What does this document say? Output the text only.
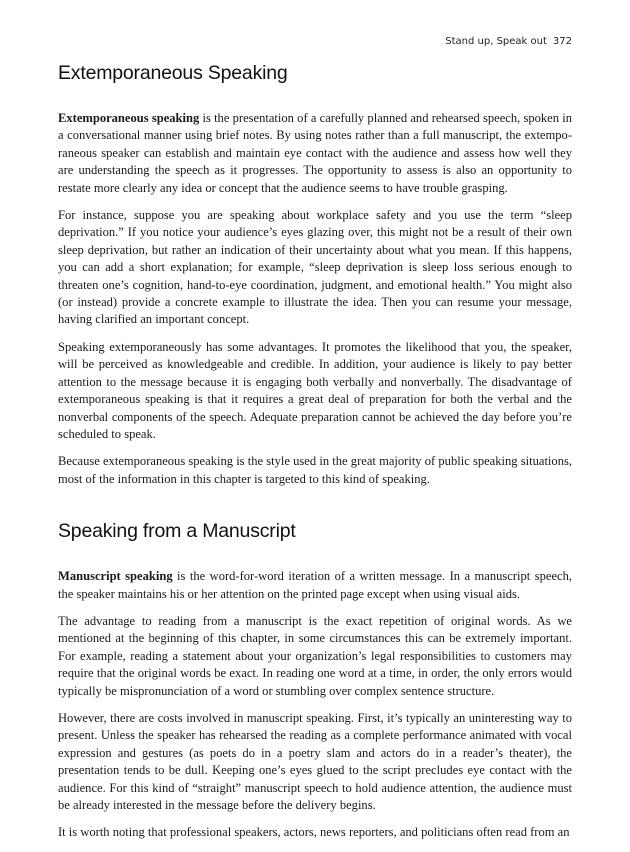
Stand up, Speak out 372
Extemporaneous Speaking

Extemporaneous speaking is the presentation of a carefully planned and rehearsed speech, spoken in a conversational manner using brief notes. By using notes rather than a full manuscript, the extemporaneous speaker can establish and maintain eye contact with the audience and assess how well they are understanding the speech as it progresses. The opportunity to assess is also an opportunity to restate more clearly any idea or concept that the audience seems to have trouble grasping.

For instance, suppose you are speaking about workplace safety and you use the term “sleep deprivation.” If you notice your audience’s eyes glazing over, this might not be a result of their own sleep deprivation, but rather an indication of their uncertainty about what you mean. If this happens, you can add a short explanation; for example, “sleep deprivation is sleep loss serious enough to threaten one’s cognition, hand-to-eye coordination, judgment, and emotional health.” You might also (or instead) provide a concrete example to illustrate the idea. Then you can resume your message, having clarified an important concept.

Speaking extemporaneously has some advantages. It promotes the likelihood that you, the speaker, will be perceived as knowledgeable and credible. In addition, your audience is likely to pay better attention to the message because it is engaging both verbally and nonverbally. The disadvantage of extemporaneous speaking is that it requires a great deal of preparation for both the verbal and the nonverbal components of the speech. Adequate preparation cannot be achieved the day before you’re scheduled to speak.

Because extemporaneous speaking is the style used in the great majority of public speaking situations, most of the information in this chapter is targeted to this kind of speaking.

Speaking from a Manuscript

Manuscript speaking is the word-for-word iteration of a written message. In a manuscript speech, the speaker maintains his or her attention on the printed page except when using visual aids.

The advantage to reading from a manuscript is the exact repetition of original words. As we mentioned at the beginning of this chapter, in some circumstances this can be extremely important. For example, reading a statement about your organization’s legal responsibilities to customers may require that the original words be exact. In reading one word at a time, in order, the only errors would typically be mispronunciation of a word or stumbling over complex sentence structure.

However, there are costs involved in manuscript speaking. First, it’s typically an uninteresting way to present. Unless the speaker has rehearsed the reading as a complete performance animated with vocal expression and gestures (as poets do in a poetry slam and actors do in a reader’s theater), the presentation tends to be dull. Keeping one’s eyes glued to the script precludes eye contact with the audience. For this kind of “straight” manuscript speech to hold audience attention, the audience must be already interested in the message before the delivery begins.

It is worth noting that professional speakers, actors, news reporters, and politicians often read from an
